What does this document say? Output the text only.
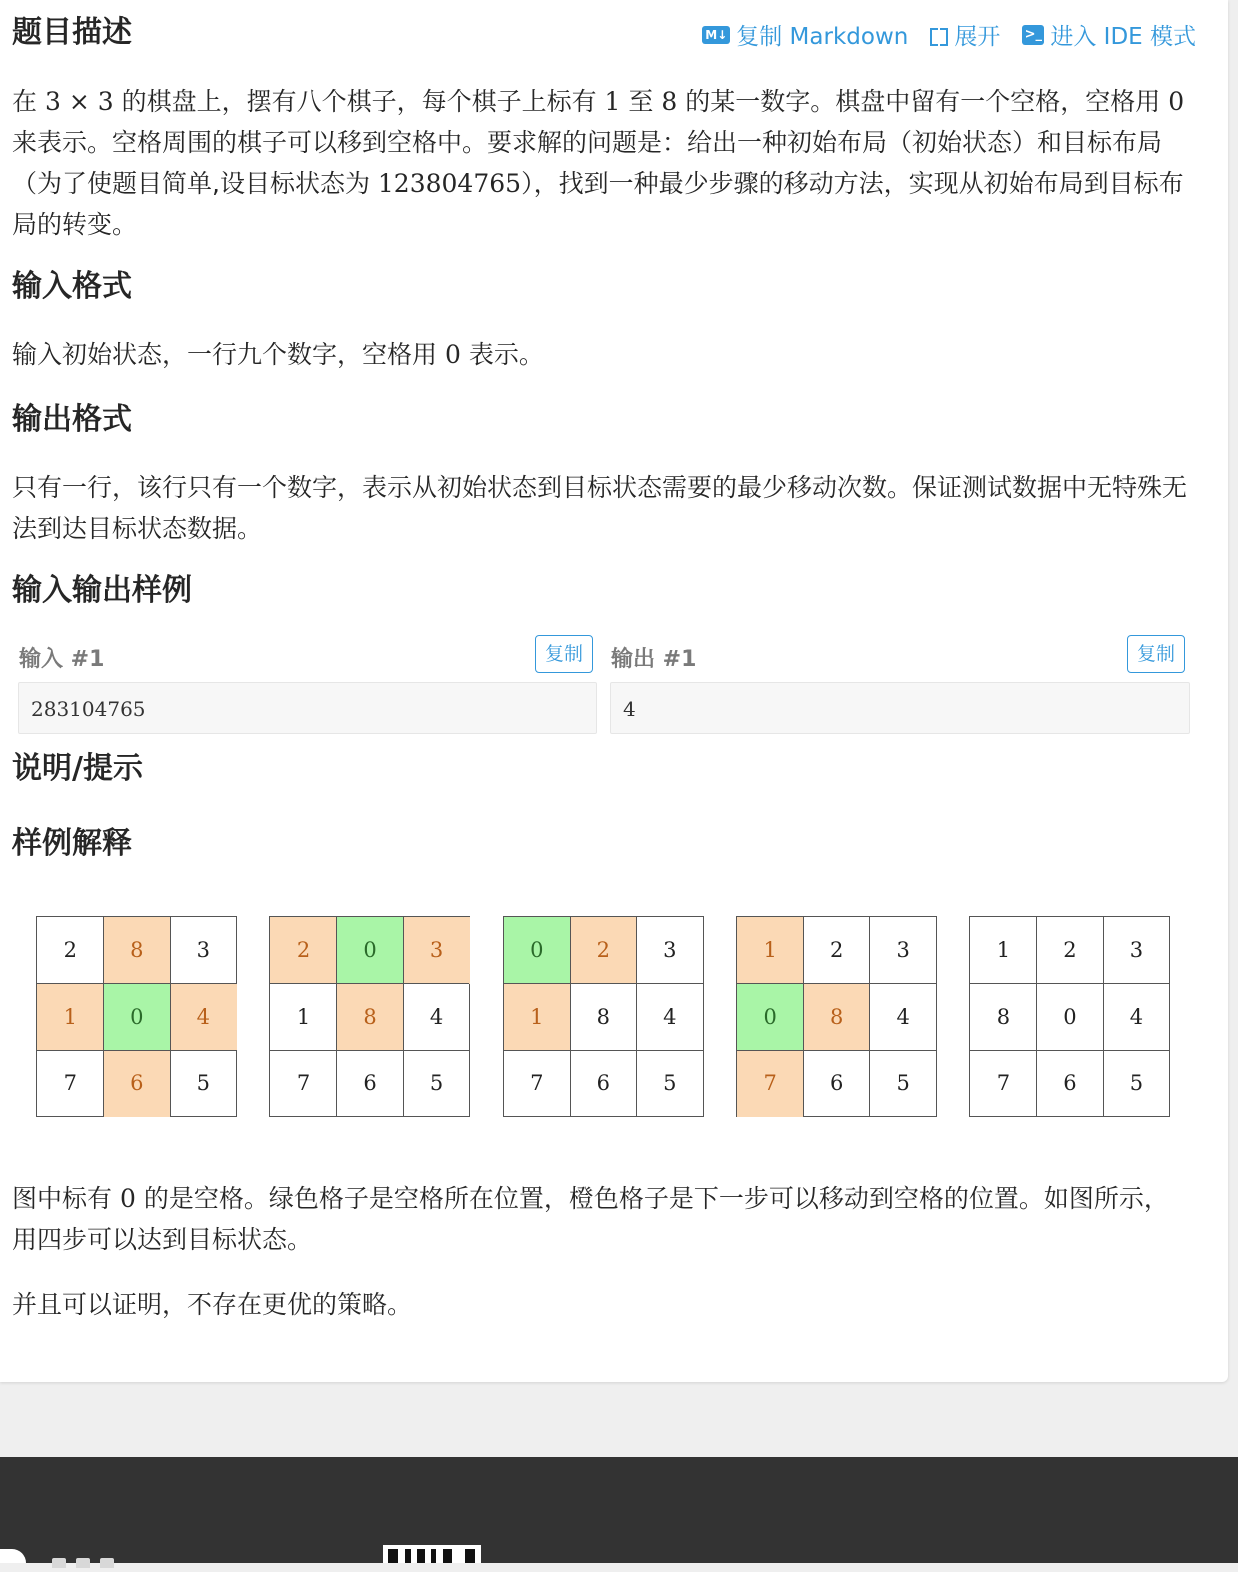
题目描述	M↓ 复制 Markdown 展开 >_ 进入 IDE 模式

在 3 × 3 的棋盘上，摆有八个棋子，每个棋子上标有 1 至 8 的某一数字。棋盘中留有一个空格，空格用 0 来表示。空格周围的棋子可以移到空格中。要求解的问题是：给出一种初始布局（初始状态）和目标布局（为了使题目简单,设目标状态为 123804765），找到一种最少步骤的移动方法，实现从初始布局到目标布局的转变。

输入格式

输入初始状态，一行九个数字，空格用 0 表示。

输出格式

只有一行，该行只有一个数字，表示从初始状态到目标状态需要的最少移动次数。保证测试数据中无特殊无法到达目标状态数据。

输入输出样例
输入 #1	复制
283104765
输出 #1	复制
4
说明/提示
样例解释
2	8	3
1	0	4
7	6	5
2	0	3
1	8	4
7	6	5
0	2	3
1	8	4
7	6	5
1	2	3
0	8	4
7	6	5
1	2	3
8	0	4
7	6	5

图中标有 0 的是空格。绿色格子是空格所在位置，橙色格子是下一步可以移动到空格的位置。如图所示，用四步可以达到目标状态。

并且可以证明，不存在更优的策略。
